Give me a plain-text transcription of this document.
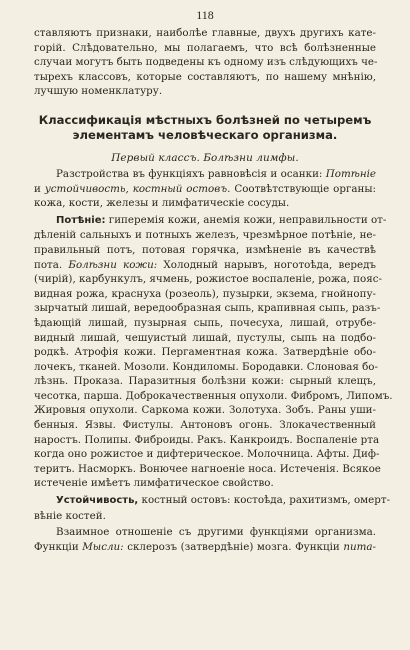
118
ставляютъ признаки, наиболѣе главные, двухъ другихъ кате-
горій. Слѣдовательно, мы полагаемъ, что всѣ болѣзненные
случаи могутъ быть подведены къ одному изъ слѣдующихъ че-
тырехъ классовъ, которые составляютъ, по нашему мнѣнію,
лучшую номенклатуру.
Классификація мѣстныхъ болѣзней по четыремъ
элементамъ человѣческаго организма.
Первый классъ. Болѣзни лимфы.
Разстройства въ функціяхъ равновѣсія и осанки: Потѣніе
и устойчивость, костный остовъ. Соотвѣтствующіе органы:
кожа, кости, железы и лимфатическіе сосуды.
Потѣніе: гиперемія кожи, анемія кожи, неправильности от-
дѣленій сальныхъ и потныхъ железъ, чрезмѣрное потѣніе, не-
правильный потъ, потовая горячка, измѣненіе въ качествѣ
пота. Болѣзни кожи: Холодный нарывъ, ноготоѣда, вередъ
(чирій), карбункулъ, ячмень, рожистое воспаленіе, рожа, пояс-
видная рожа, краснуха (розеоль), пузырки, экзема, гнойнопу-
зырчатый лишай, вередообразная сыпь, крапивная сыпь, разъ-
ѣдающій лишай, пузырная сыпь, почесуха, лишай, отрубе-
видный лишай, чешуистый лишай, пустулы, сыпь на подбо-
родкѣ. Атрофія кожи. Пергаментная кожа. Затвердѣніе обо-
лочекъ, тканей. Мозоли. Кондиломы. Бородавки. Слоновая бо-
лѣзнь. Проказа. Паразитныя болѣзни кожи: сырный клещъ,
чесотка, парша. Доброкачественныя опухоли. Фибромъ, Липомъ.
Жировыя опухоли. Саркома кожи. Золотуха. Зобъ. Раны уши-
бенныя. Язвы. Фистулы. Антоновъ огонь. Злокачественный
наростъ. Полипы. Фиброиды. Ракъ. Канкроидъ. Воспаленіе рта
когда оно рожистое и дифтерическое. Молочница. Афты. Диф-
теритъ. Насморкъ. Вонючее нагноеніе носа. Истеченія. Всякое
истеченіе имѣетъ лимфатическое свойство.
Устойчивость, костный остовъ: костоѣда, рахитизмъ, омерт-
вѣніе костей.
Взаимное отношеніе съ другими функціями организма.
Функціи Мысли: склерозъ (затвердѣніе) мозга. Функціи пита-
